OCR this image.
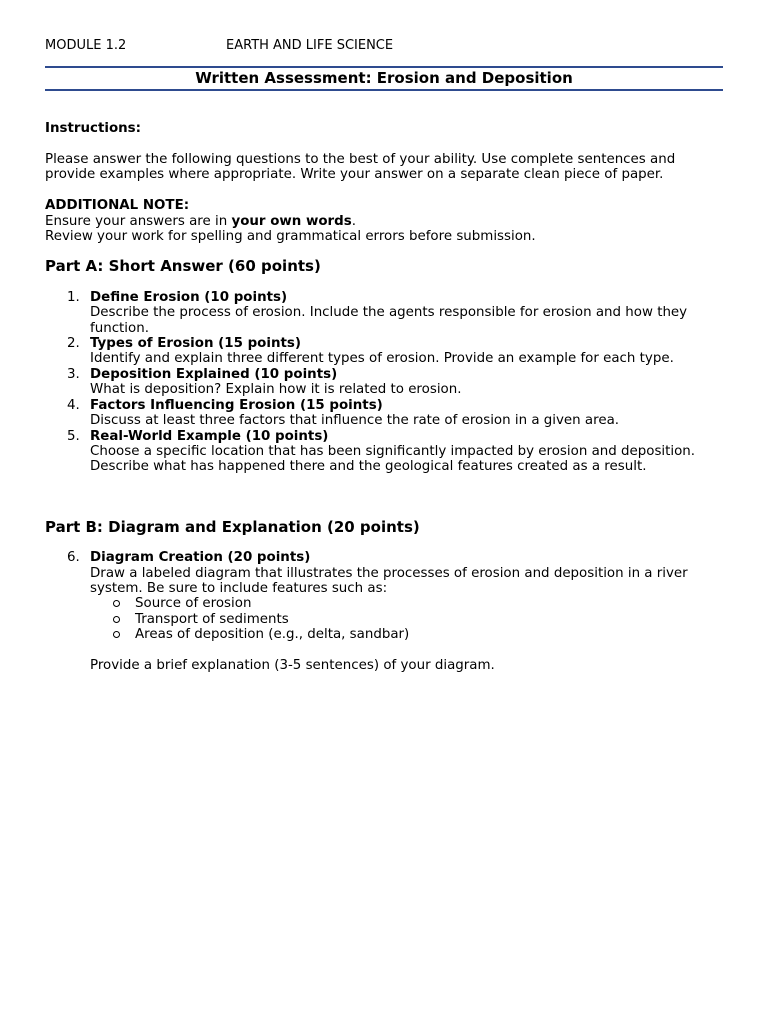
MODULE 1.2	EARTH AND LIFE SCIENCE
Written Assessment: Erosion and Deposition
Instructions:
Please answer the following questions to the best of your ability. Use complete sentences and provide examples where appropriate. Write your answer on a separate clean piece of paper.
ADDITIONAL NOTE:
Ensure your answers are in your own words.
Review your work for spelling and grammatical errors before submission.
Part A: Short Answer (60 points)
1. Define Erosion (10 points)
Describe the process of erosion. Include the agents responsible for erosion and how they function.
2. Types of Erosion (15 points)
Identify and explain three different types of erosion. Provide an example for each type.
3. Deposition Explained (10 points)
What is deposition? Explain how it is related to erosion.
4. Factors Influencing Erosion (15 points)
Discuss at least three factors that influence the rate of erosion in a given area.
5. Real-World Example (10 points)
Choose a specific location that has been significantly impacted by erosion and deposition. Describe what has happened there and the geological features created as a result.
Part B: Diagram and Explanation (20 points)
6. Diagram Creation (20 points)
Draw a labeled diagram that illustrates the processes of erosion and deposition in a river system. Be sure to include features such as:
Source of erosion
Transport of sediments
Areas of deposition (e.g., delta, sandbar)
Provide a brief explanation (3-5 sentences) of your diagram.
